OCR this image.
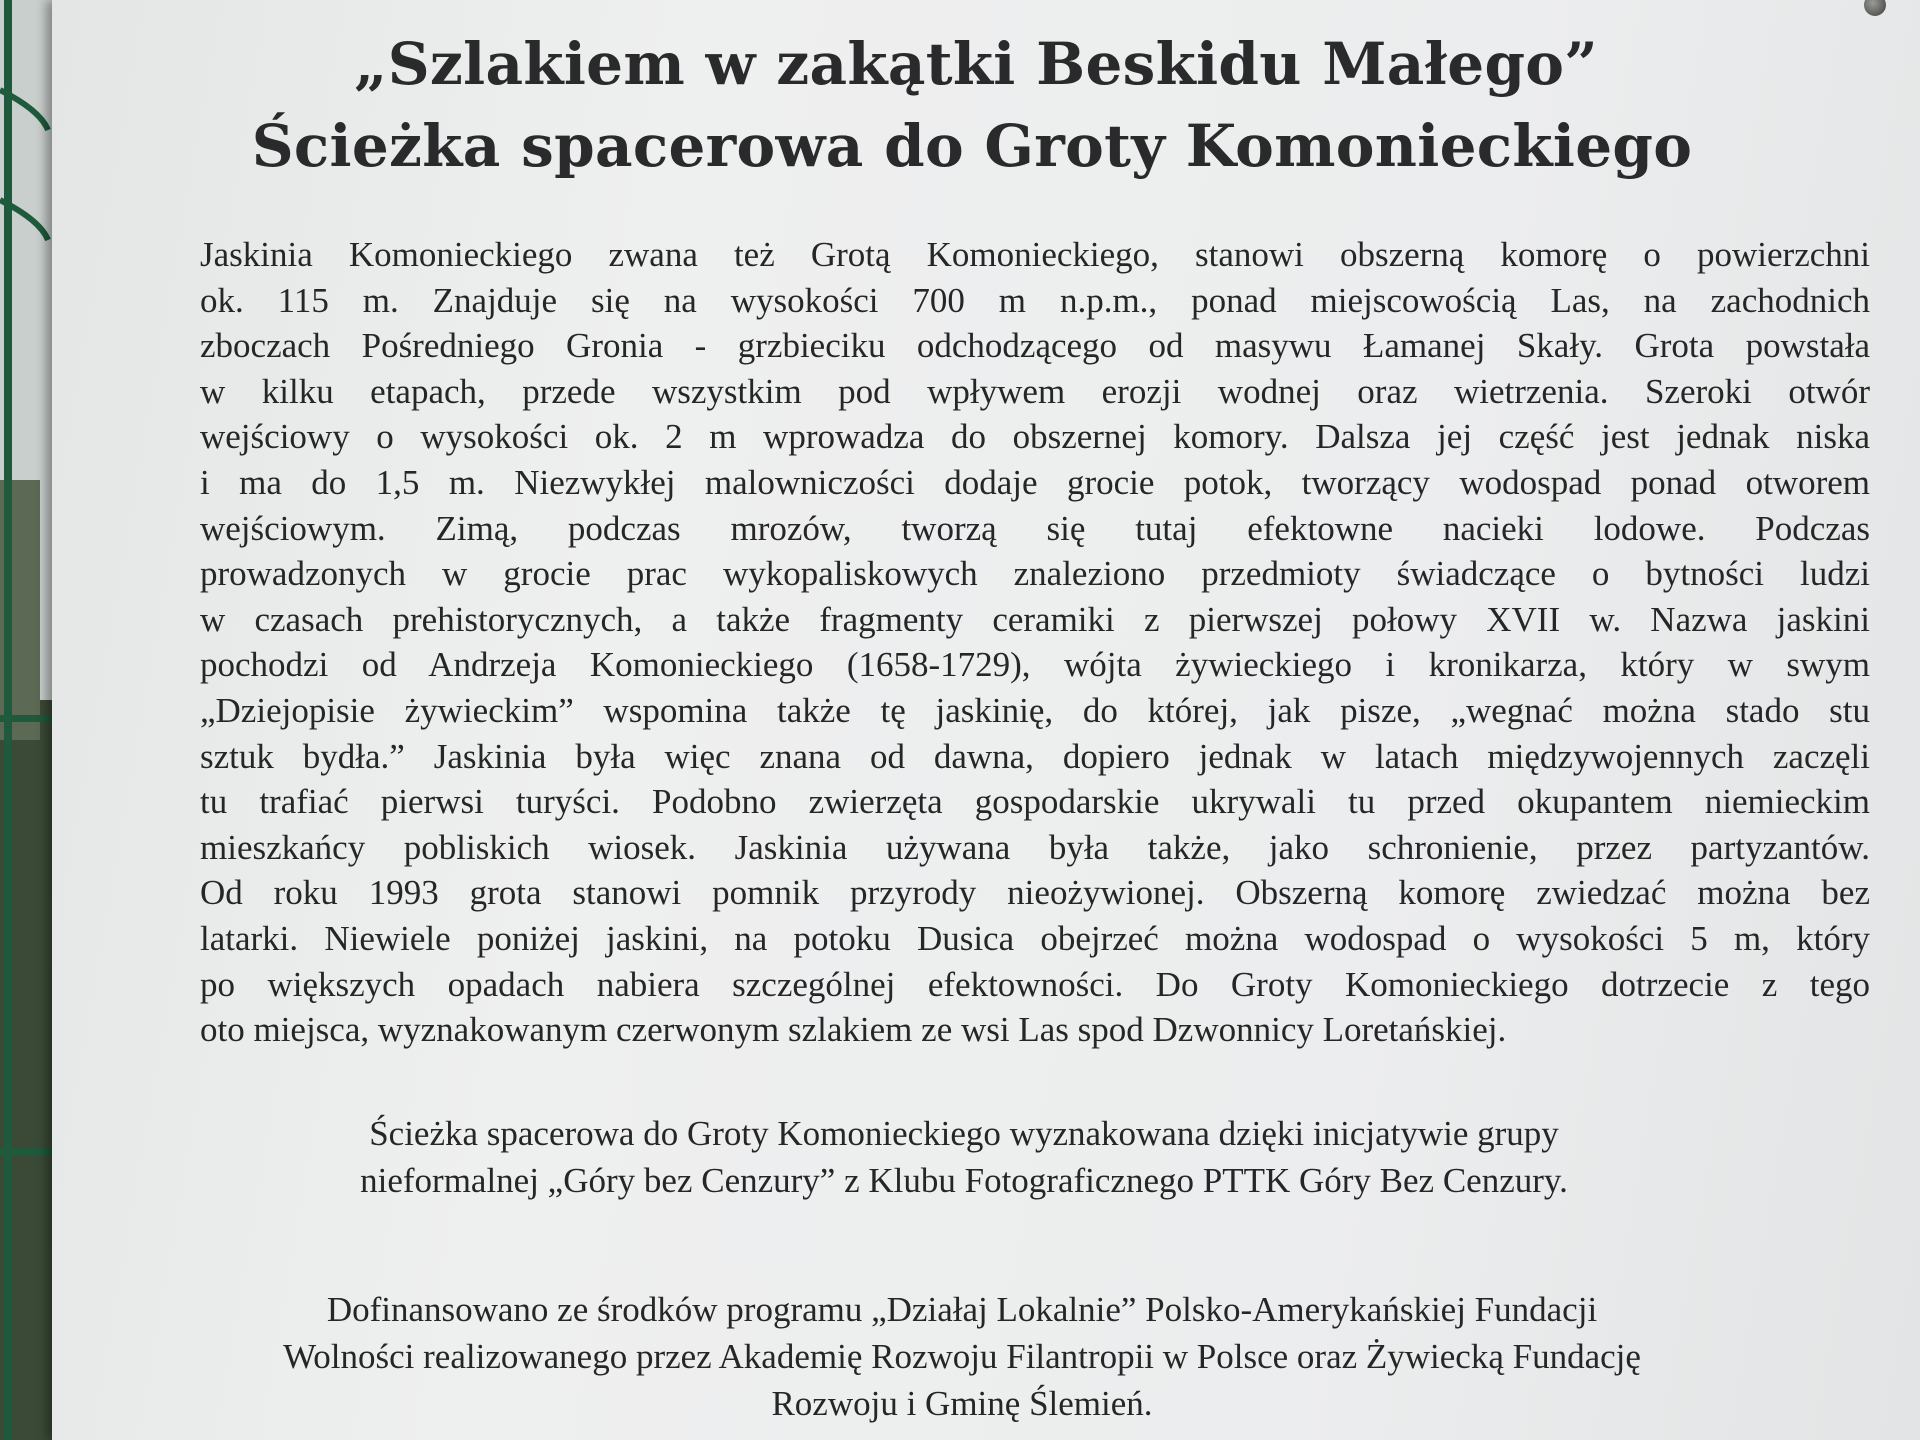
„Szlakiem w zakątki Beskidu Małego”
Ścieżka spacerowa do Groty Komonieckiego
Jaskinia Komonieckiego zwana też Grotą Komonieckiego, stanowi obszerną komorę o powierzchni
ok. 115 m. Znajduje się na wysokości 700 m n.p.m., ponad miejscowością Las, na zachodnich
zboczach Pośredniego Gronia - grzbieciku odchodzącego od masywu Łamanej Skały. Grota powstała
w kilku etapach, przede wszystkim pod wpływem erozji wodnej oraz wietrzenia. Szeroki otwór
wejściowy o wysokości ok. 2 m wprowadza do obszernej komory. Dalsza jej część jest jednak niska
i ma do 1,5 m. Niezwykłej malowniczości dodaje grocie potok, tworzący wodospad ponad otworem
wejściowym. Zimą, podczas mrozów, tworzą się tutaj efektowne nacieki lodowe. Podczas
prowadzonych w grocie prac wykopaliskowych znaleziono przedmioty świadczące o bytności ludzi
w czasach prehistorycznych, a także fragmenty ceramiki z pierwszej połowy XVII w. Nazwa jaskini
pochodzi od Andrzeja Komonieckiego (1658-1729), wójta żywieckiego i kronikarza, który w swym
„Dziejopisie żywieckim” wspomina także tę jaskinię, do której, jak pisze, „wegnać można stado stu
sztuk bydła.” Jaskinia była więc znana od dawna, dopiero jednak w latach międzywojennych zaczęli
tu trafiać pierwsi turyści. Podobno zwierzęta gospodarskie ukrywali tu przed okupantem niemieckim
mieszkańcy pobliskich wiosek. Jaskinia używana była także, jako schronienie, przez partyzantów.
Od roku 1993 grota stanowi pomnik przyrody nieożywionej. Obszerną komorę zwiedzać można bez
latarki. Niewiele poniżej jaskini, na potoku Dusica obejrzeć można wodospad o wysokości 5 m, który
po większych opadach nabiera szczególnej efektowności. Do Groty Komonieckiego dotrzecie z tego
oto miejsca, wyznakowanym czerwonym szlakiem ze wsi Las spod Dzwonnicy Loretańskiej.
Ścieżka spacerowa do Groty Komonieckiego wyznakowana dzięki inicjatywie grupy
nieformalnej „Góry bez Cenzury” z Klubu Fotograficznego PTTK Góry Bez Cenzury.
Dofinansowano ze środków programu „Działaj Lokalnie” Polsko-Amerykańskiej Fundacji
Wolności realizowanego przez Akademię Rozwoju Filantropii w Polsce oraz Żywiecką Fundację
Rozwoju i Gminę Ślemień.
